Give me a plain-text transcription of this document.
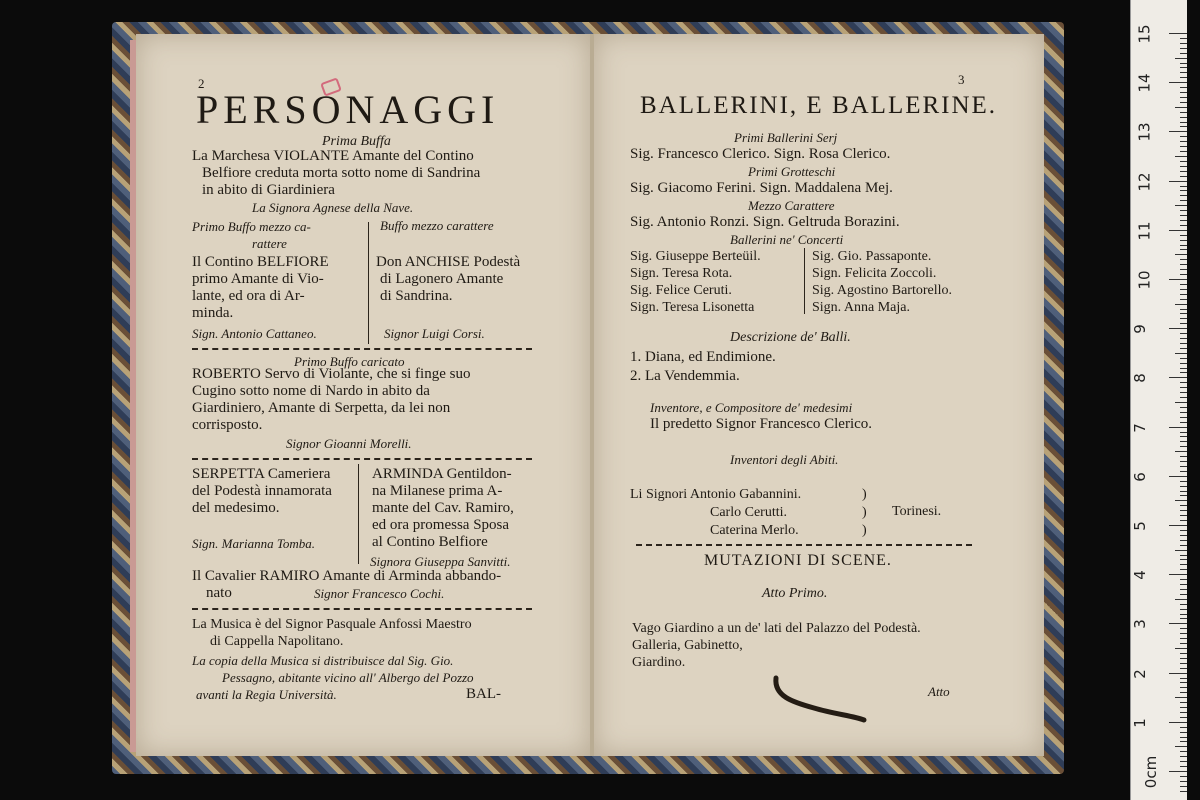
2
PERSONAGGI
Prima Buffa
La Marchesa VIOLANTE Amante del Contino
Belfiore creduta morta sotto nome di Sandrina
in abito di Giardiniera
La Signora Agnese della Nave.
Primo Buffo mezzo ca-
rattere
Il Contino BELFIORE
primo Amante di Vio-
lante, ed ora di Ar-
minda.
Sign. Antonio Cattaneo.
Buffo mezzo carattere
Don ANCHISE Podestà
di Lagonero Amante
di Sandrina.
Signor Luigi Corsi.
Primo Buffo caricato
ROBERTO Servo di Violante, che si finge suo
Cugino sotto nome di Nardo in abito da
Giardiniero, Amante di Serpetta, da lei non
corrisposto.
Signor Gioanni Morelli.
SERPETTA Cameriera
del Podestà innamorata
del medesimo.
Sign. Marianna Tomba.
ARMINDA Gentildon-
na Milanese prima A-
mante del Cav. Ramiro,
ed ora promessa Sposa
al Contino Belfiore
Signora Giuseppa Sanvitti.
Il Cavalier RAMIRO Amante di Arminda abbando-
nato	Signor Francesco Cochi.
La Musica è del Signor Pasquale Anfossi Maestro
di Cappella Napolitano.
La copia della Musica si distribuisce dal Sig. Gio.
Pessagno, abitante vicino all' Albergo del Pozzo
avanti la Regia Università.	BAL-
3
BALLERINI, E BALLERINE.
Primi Ballerini Serj
Sig. Francesco Clerico. Sign. Rosa Clerico.
Primi Grotteschi
Sig. Giacomo Ferini. Sign. Maddalena Mej.
Mezzo Carattere
Sig. Antonio Ronzi. Sign. Geltruda Borazini.
Ballerini ne' Concerti
Sig. Giuseppe Berteüil.
Sign. Teresa Rota.
Sig. Felice Ceruti.
Sign. Teresa Lisonetta
Sig. Gio. Passaponte.
Sign. Felicita Zoccoli.
Sig. Agostino Bartorello.
Sign. Anna Maja.
Descrizione de' Balli.
1. Diana, ed Endimione.
2. La Vendemmia.
Inventore, e Compositore de' medesimi
Il predetto Signor Francesco Clerico.
Inventori degli Abiti.
Li Signori Antonio Gabannini.
Carlo Cerutti.
Caterina Merlo.
)
)
)
Torinesi.
MUTAZIONI DI SCENE.
Atto Primo.
Vago Giardino a un de' lati del Palazzo del Podestà.
Galleria, Gabinetto,
Giardino.
Atto
15
14
13
12
11
10
9
8
7
6
5
4
3
2
1
0cm
